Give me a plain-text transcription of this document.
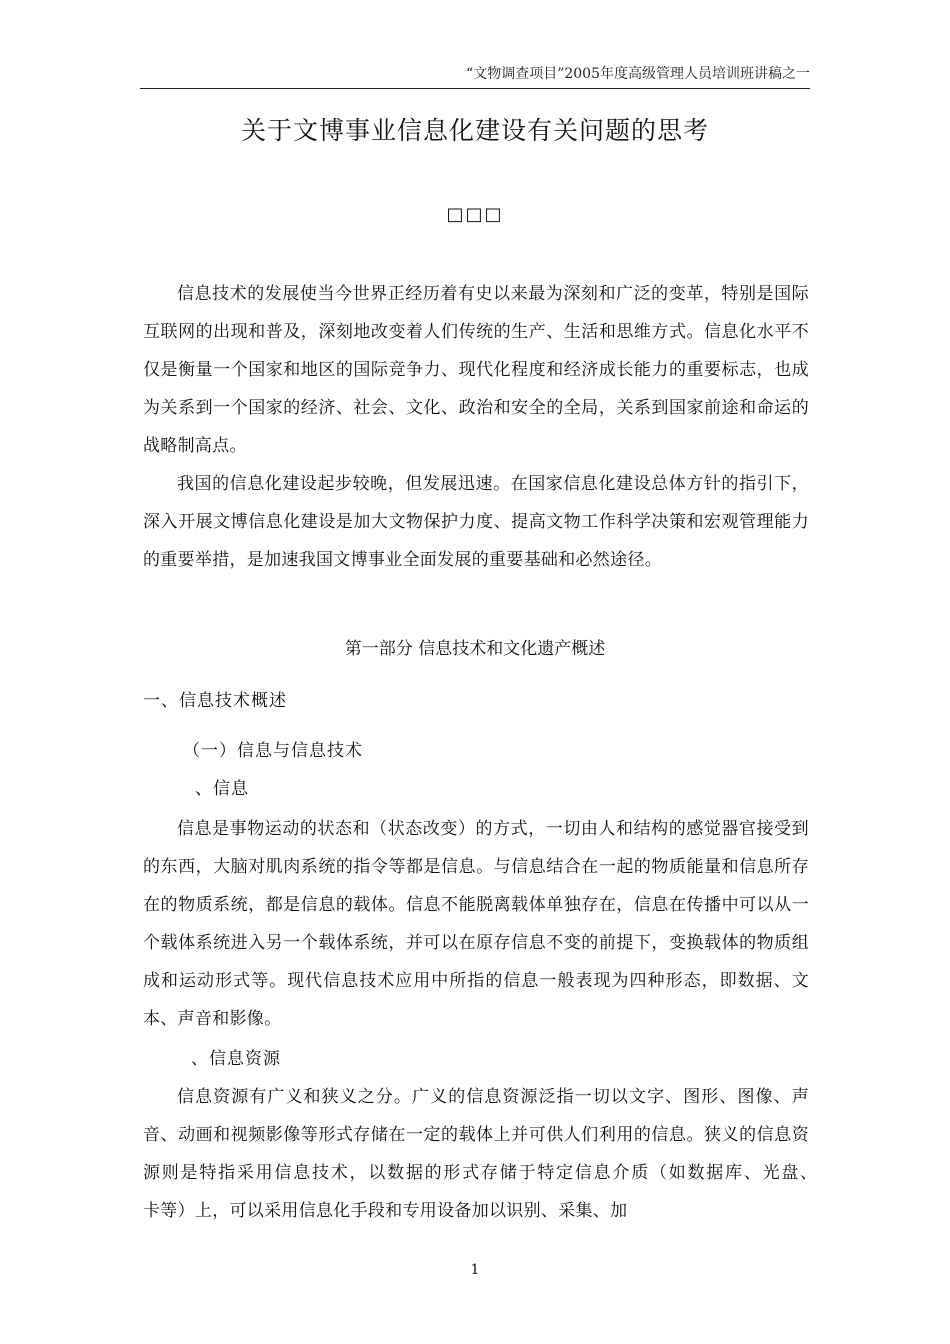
“文物调查项目”2005年度高级管理人员培训班讲稿之一
关于文博事业信息化建设有关问题的思考
□□□

信息技术的发展使当今世界正经历着有史以来最为深刻和广泛的变革，特别是国际互联网的出现和普及，深刻地改变着人们传统的生产、生活和思维方式。信息化水平不仅是衡量一个国家和地区的国际竞争力、现代化程度和经济成长能力的重要标志，也成为关系到一个国家的经济、社会、文化、政治和安全的全局，关系到国家前途和命运的战略制高点。

我国的信息化建设起步较晚，但发展迅速。在国家信息化建设总体方针的指引下，深入开展文博信息化建设是加大文物保护力度、提高文物工作科学决策和宏观管理能力的重要举措，是加速我国文博事业全面发展的重要基础和必然途径。

第一部分 信息技术和文化遗产概述
一、信息技术概述
（一）信息与信息技术
、信息

信息是事物运动的状态和（状态改变）的方式，一切由人和结构的感觉器官接受到的东西，大脑对肌肉系统的指令等都是信息。与信息结合在一起的物质能量和信息所存在的物质系统，都是信息的载体。信息不能脱离载体单独存在，信息在传播中可以从一个载体系统进入另一个载体系统，并可以在原存信息不变的前提下，变换载体的物质组成和运动形式等。现代信息技术应用中所指的信息一般表现为四种形态，即数据、文本、声音和影像。

、信息资源

信息资源有广义和狭义之分。广义的信息资源泛指一切以文字、图形、图像、声音、动画和视频影像等形式存储在一定的载体上并可供人们利用的信息。狭义的信息资源则是特指采用信息技术，以数据的形式存储于特定信息介质（如数据库、光盘、　　卡等）上，可以采用信息化手段和专用设备加以识别、采集、加

1
